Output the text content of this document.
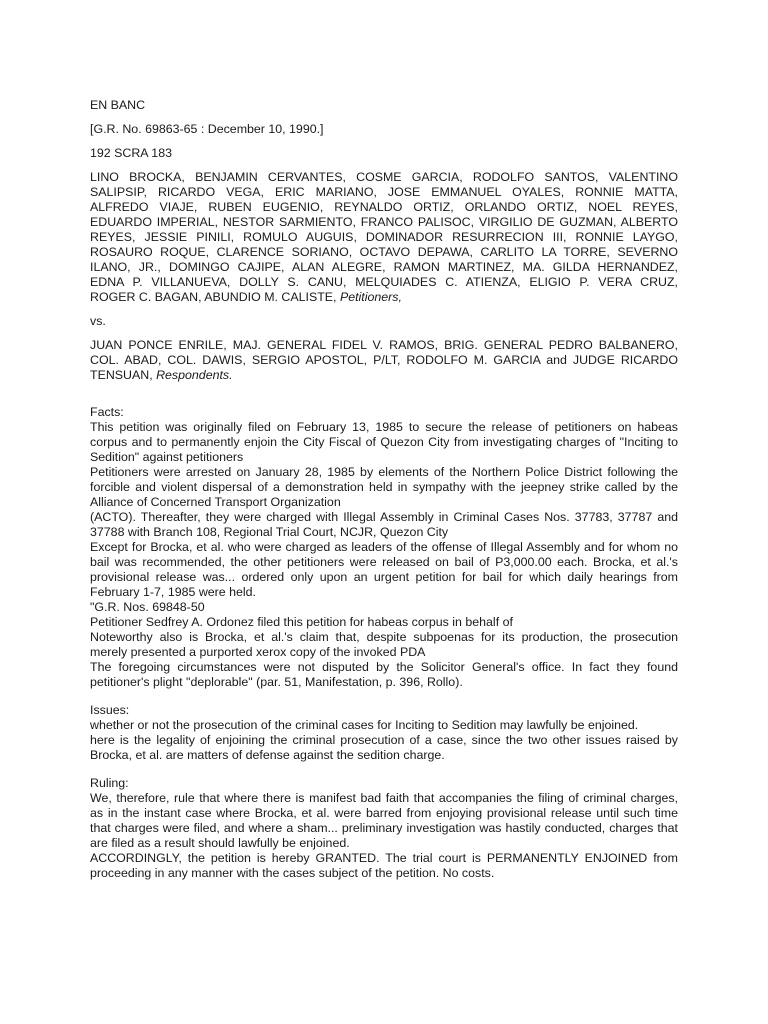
EN BANC
[G.R. No. 69863-65 : December 10, 1990.]
192 SCRA 183
LINO BROCKA, BENJAMIN CERVANTES, COSME GARCIA, RODOLFO SANTOS, VALENTINO
SALIPSIP, RICARDO VEGA, ERIC MARIANO, JOSE EMMANUEL OYALES, RONNIE MATTA,
ALFREDO VIAJE, RUBEN EUGENIO, REYNALDO ORTIZ, ORLANDO ORTIZ, NOEL REYES,
EDUARDO IMPERIAL, NESTOR SARMIENTO, FRANCO PALISOC, VIRGILIO DE GUZMAN, ALBERTO
REYES, JESSIE PINILI, ROMULO AUGUIS, DOMINADOR RESURRECION III, RONNIE LAYGO,
ROSAURO ROQUE, CLARENCE SORIANO, OCTAVO DEPAWA, CARLITO LA TORRE, SEVERNO
ILANO, JR., DOMINGO CAJIPE, ALAN ALEGRE, RAMON MARTINEZ, MA. GILDA HERNANDEZ,
EDNA P. VILLANUEVA, DOLLY S. CANU, MELQUIADES C. ATIENZA, ELIGIO P. VERA CRUZ,
ROGER C. BAGAN, ABUNDIO M. CALISTE, Petitioners,
vs.
JUAN PONCE ENRILE, MAJ. GENERAL FIDEL V. RAMOS, BRIG. GENERAL PEDRO BALBANERO,
COL. ABAD, COL. DAWIS, SERGIO APOSTOL, P/LT, RODOLFO M. GARCIA and JUDGE RICARDO
TENSUAN, Respondents.
Facts:
This petition was originally filed on February 13, 1985 to secure the release of petitioners on habeas
corpus and to permanently enjoin the City Fiscal of Quezon City from investigating charges of "Inciting to
Sedition" against petitioners
Petitioners were arrested on January 28, 1985 by elements of the Northern Police District following the
forcible and violent dispersal of a demonstration held in sympathy with the jeepney strike called by the
Alliance of Concerned Transport Organization
(ACTO). Thereafter, they were charged with Illegal Assembly in Criminal Cases Nos. 37783, 37787 and
37788 with Branch 108, Regional Trial Court, NCJR, Quezon City
Except for Brocka, et al. who were charged as leaders of the offense of Illegal Assembly and for whom no
bail was recommended, the other petitioners were released on bail of P3,000.00 each. Brocka, et al.'s
provisional release was... ordered only upon an urgent petition for bail for which daily hearings from
February 1-7, 1985 were held.
"G.R. Nos. 69848-50
Petitioner Sedfrey A. Ordonez filed this petition for habeas corpus in behalf of
Noteworthy also is Brocka, et al.'s claim that, despite subpoenas for its production, the prosecution
merely presented a purported xerox copy of the invoked PDA
The foregoing circumstances were not disputed by the Solicitor General's office. In fact they found
petitioner's plight "deplorable" (par. 51, Manifestation, p. 396, Rollo).
Issues:
whether or not the prosecution of the criminal cases for Inciting to Sedition may lawfully be enjoined.
here is the legality of enjoining the criminal prosecution of a case, since the two other issues raised by
Brocka, et al. are matters of defense against the sedition charge.
Ruling:
We, therefore, rule that where there is manifest bad faith that accompanies the filing of criminal charges,
as in the instant case where Brocka, et al. were barred from enjoying provisional release until such time
that charges were filed, and where a sham... preliminary investigation was hastily conducted, charges that
are filed as a result should lawfully be enjoined.
ACCORDINGLY, the petition is hereby GRANTED. The trial court is PERMANENTLY ENJOINED from
proceeding in any manner with the cases subject of the petition. No costs.
